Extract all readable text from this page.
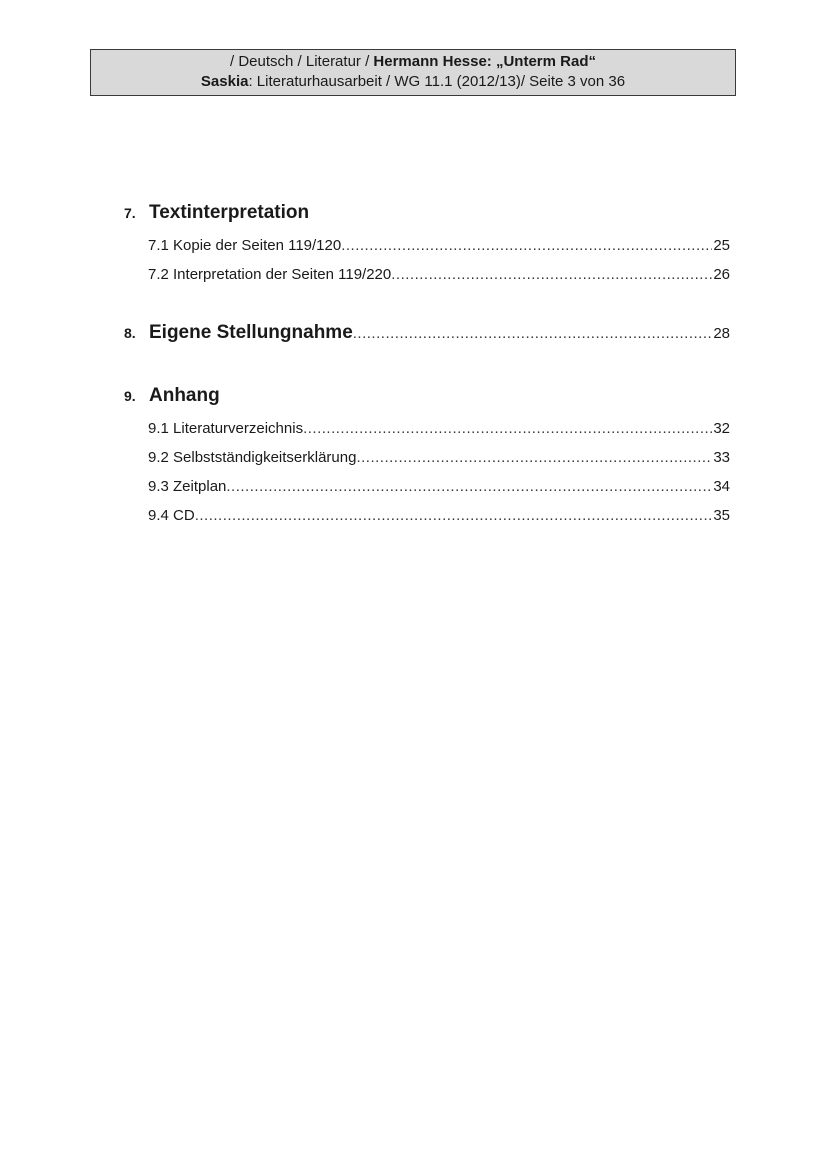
/ Deutsch / Literatur / Hermann Hesse: „Unterm Rad“
Saskia: Literaturhausarbeit / WG 11.1 (2012/13)/ Seite 3 von 36
7. Textinterpretation
7.1 Kopie der Seiten 119/120 .....	25
7.2 Interpretation der Seiten 119/220 .....	26
8. Eigene Stellungnahme .....	28
9. Anhang
9.1 Literaturverzeichnis .....	32
9.2 Selbstständigkeitserklärung .....	33
9.3 Zeitplan .....	34
9.4 CD .....	35
